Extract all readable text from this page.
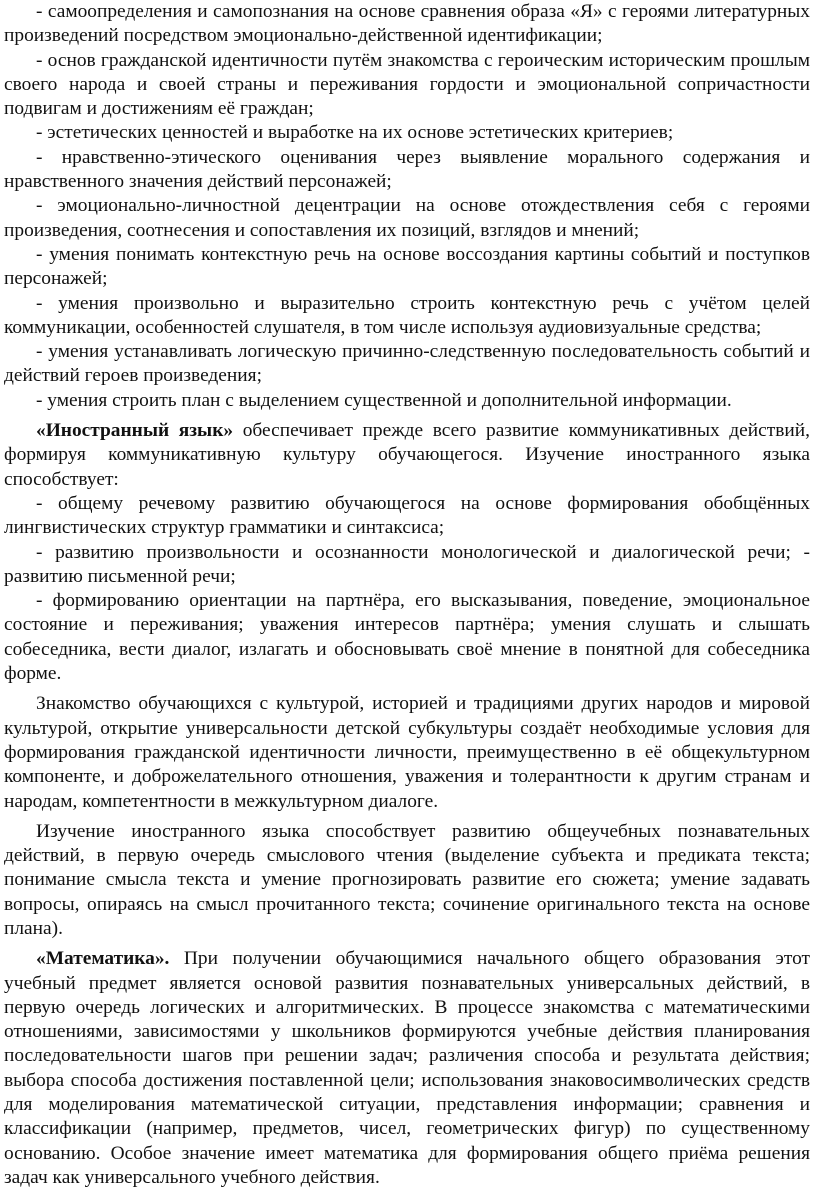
- самоопределения и самопознания на основе сравнения образа «Я» с героями литературных произведений посредством эмоционально-действенной идентификации;

- основ гражданской идентичности путём знакомства с героическим историческим прошлым своего народа и своей страны и переживания гордости и эмоциональной сопричастности подвигам и достижениям её граждан;

- эстетических ценностей и выработке на их основе эстетических критериев;

- нравственно-этического оценивания через выявление морального содержания и нравственного значения действий персонажей;

- эмоционально-личностной децентрации на основе отождествления себя с героями произведения, соотнесения и сопоставления их позиций, взглядов и мнений;

- умения понимать контекстную речь на основе воссоздания картины событий и поступков персонажей;

- умения произвольно и выразительно строить контекстную речь с учётом целей коммуникации, особенностей слушателя, в том числе используя аудиовизуальные средства;

- умения устанавливать логическую причинно-следственную последовательность событий и действий героев произведения;

- умения строить план с выделением существенной и дополнительной информации.

«Иностранный язык» обеспечивает прежде всего развитие коммуникативных действий, формируя коммуникативную культуру обучающегося. Изучение иностранного языка способствует:

- общему речевому развитию обучающегося на основе формирования обобщённых лингвистических структур грамматики и синтаксиса;

- развитию произвольности и осознанности монологической и диалогической речи; - развитию письменной речи;

- формированию ориентации на партнёра, его высказывания, поведение, эмоциональное состояние и переживания; уважения интересов партнёра; умения слушать и слышать собеседника, вести диалог, излагать и обосновывать своё мнение в понятной для собеседника форме.

Знакомство обучающихся с культурой, историей и традициями других народов и мировой культурой, открытие универсальности детской субкультуры создаёт необходимые условия для формирования гражданской идентичности личности, преимущественно в её общекультурном компоненте, и доброжелательного отношения, уважения и толерантности к другим странам и народам, компетентности в межкультурном диалоге.

Изучение иностранного языка способствует развитию общеучебных познавательных действий, в первую очередь смыслового чтения (выделение субъекта и предиката текста; понимание смысла текста и умение прогнозировать развитие его сюжета; умение задавать вопросы, опираясь на смысл прочитанного текста; сочинение оригинального текста на основе плана).

«Математика». При получении обучающимися начального общего образования этот учебный предмет является основой развития познавательных универсальных действий, в первую очередь логических и алгоритмических. В процессе знакомства с математическими отношениями, зависимостями у школьников формируются учебные действия планирования последовательности шагов при решении задач; различения способа и результата действия; выбора способа достижения поставленной цели; использования знаковосимволических средств для моделирования математической ситуации, представления информации; сравнения и классификации (например, предметов, чисел, геометрических фигур) по существенному основанию. Особое значение имеет математика для формирования общего приёма решения задач как универсального учебного действия.
